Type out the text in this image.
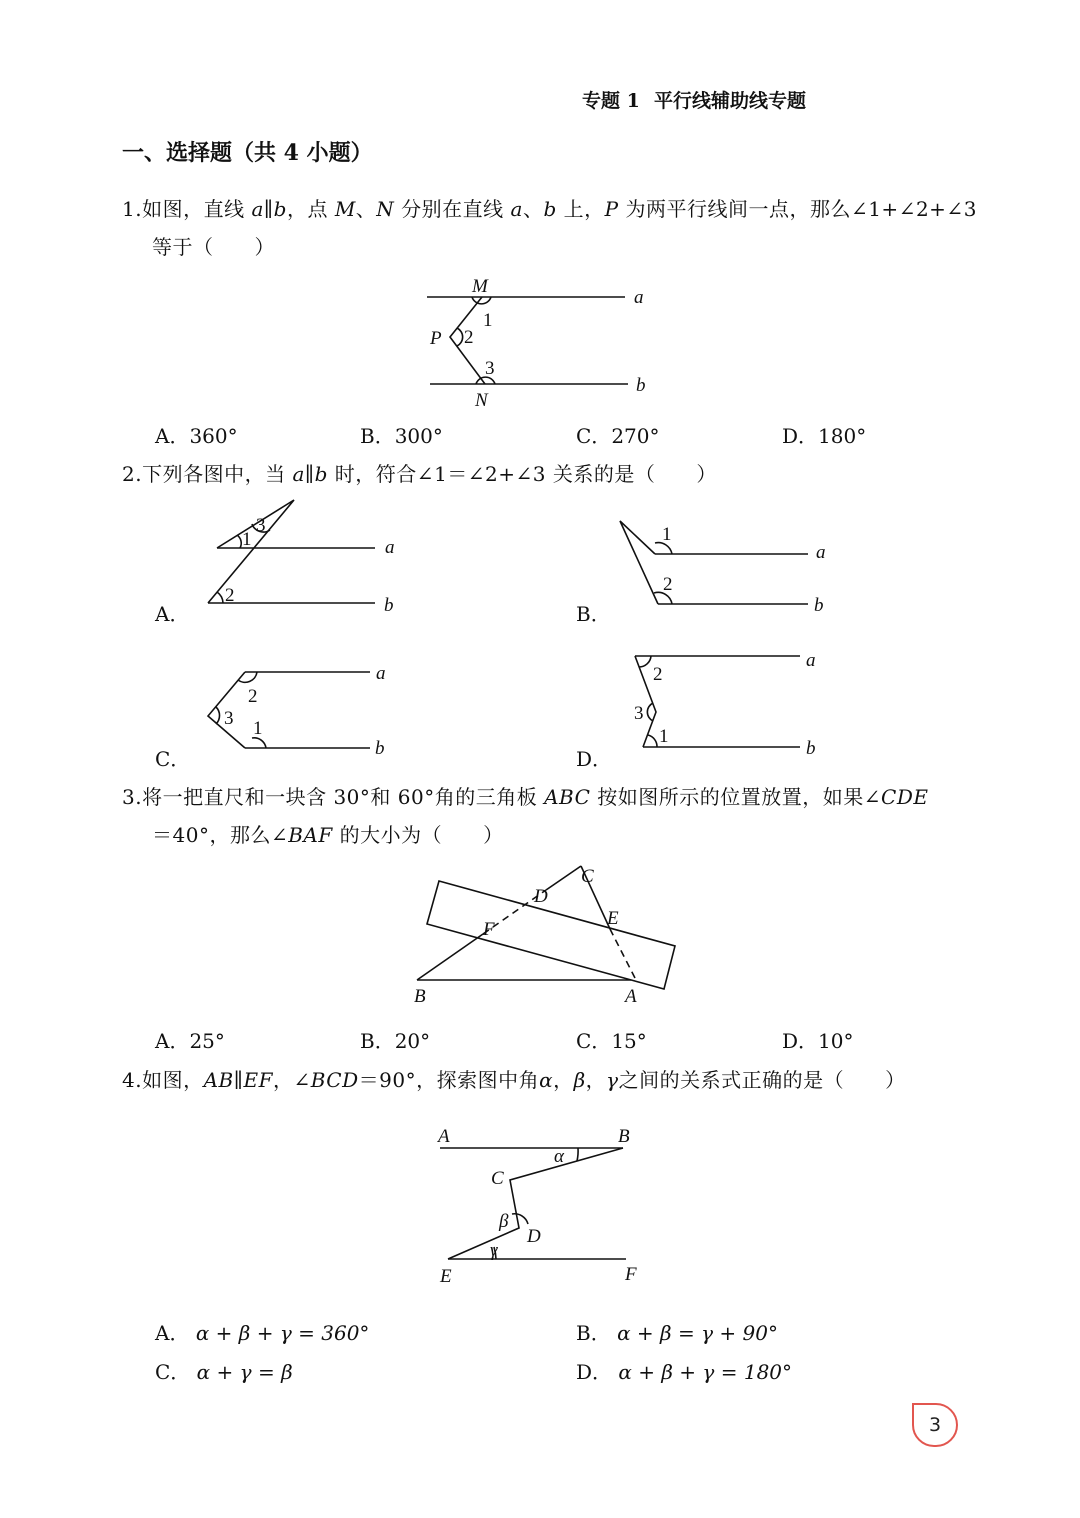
专题 1 平行线辅助线专题
一、选择题（共 4 小题）
1.如图，直线 a∥b，点 M、N 分别在直线 a、b 上，P 为两平行线间一点，那么∠1+∠2+∠3
等于（　　）
M
1
P 2
3
N
a
b
A．360°	B．300°	C．270°	D．180°
2.下列各图中，当 a∥b 时，符合∠1＝∠2+∠3 关系的是（　　）
1
3
2
a
b
A．
1
2
a
b
B．
2
3 1
a
b
C．
2
3
1
a
b
D．
3.将一把直尺和一块含 30°和 60°角的三角板 ABC 按如图所示的位置放置，如果∠CDE
＝40°，那么∠BAF 的大小为（　　）
C
D
E
F
B	A
A．25°	B．20°	C．15°	D．10°
4.如图，AB∥EF，∠BCD＝90°，探索图中角α，β，γ之间的关系式正确的是（　　）
A	B
C
D
E	F
α
β
γ
A． α + β + γ = 360°	B． α + β = γ + 90°
C． α + γ = β	D． α + β + γ = 180°
3
